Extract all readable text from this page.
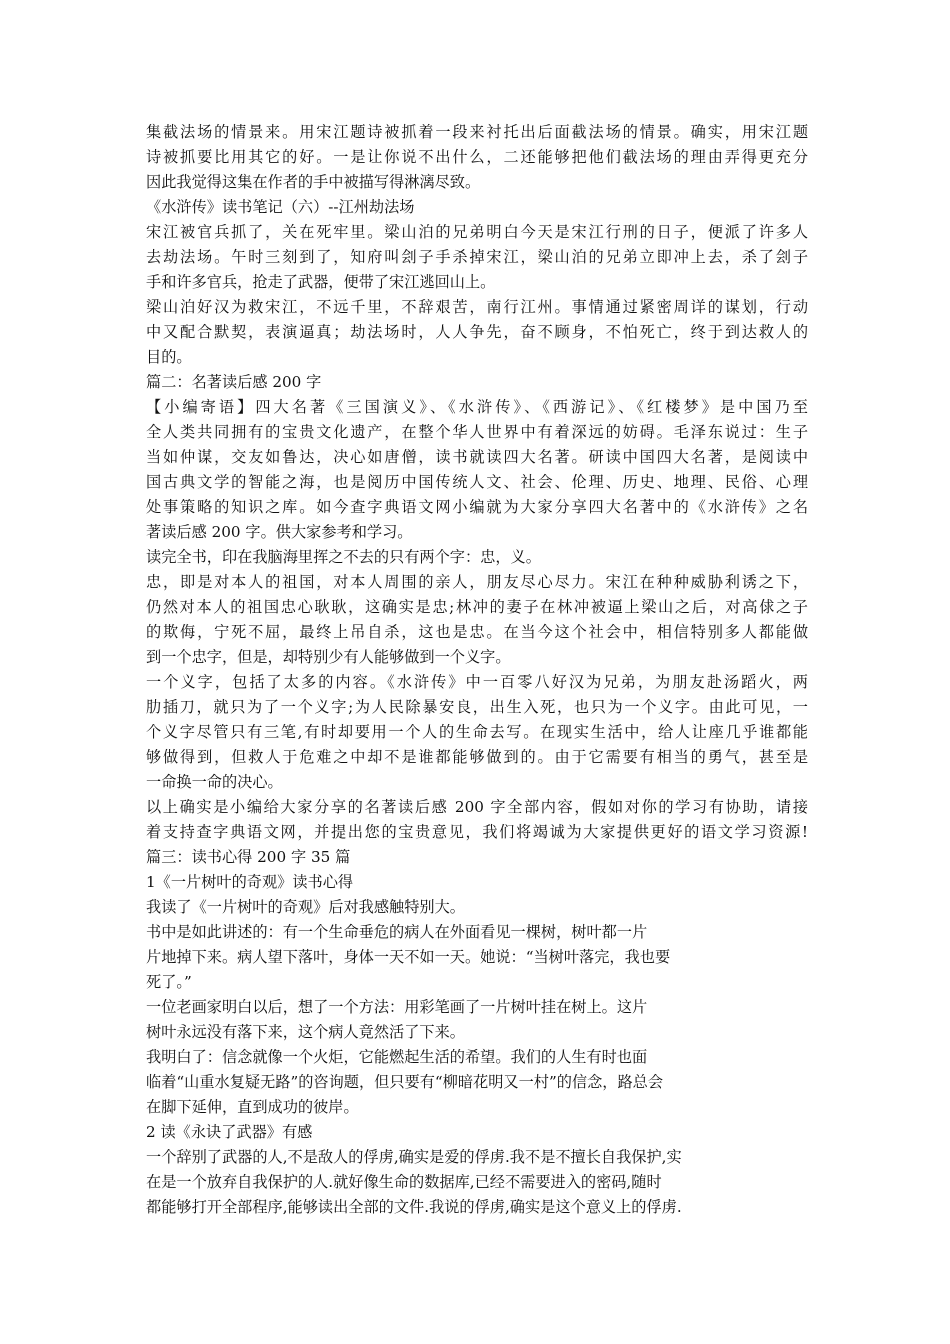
集截法场的情景来。用宋江题诗被抓着一段来衬托出后面截法场的情景。确实，用宋江题
诗被抓要比用其它的好。一是让你说不出什么，二还能够把他们截法场的理由弄得更充分
因此我觉得这集在作者的手中被描写得淋漓尽致。
《水浒传》读书笔记（六）--江州劫法场
宋江被官兵抓了，关在死牢里。梁山泊的兄弟明白今天是宋江行刑的日子，便派了许多人
去劫法场。午时三刻到了，知府叫刽子手杀掉宋江，梁山泊的兄弟立即冲上去，杀了刽子
手和许多官兵，抢走了武器，便带了宋江逃回山上。
梁山泊好汉为救宋江，不远千里，不辞艰苦，南行江州。事情通过紧密周详的谋划，行动
中又配合默契，表演逼真；劫法场时，人人争先，奋不顾身，不怕死亡，终于到达救人的
目的。
篇二：名著读后感 200 字
【小编寄语】四大名著《三国演义》、《水浒传》、《西游记》、《红楼梦》是中国乃至
全人类共同拥有的宝贵文化遗产，在整个华人世界中有着深远的妨碍。毛泽东说过：生子
当如仲谋，交友如鲁达，决心如唐僧，读书就读四大名著。研读中国四大名著，是阅读中
国古典文学的智能之海，也是阅历中国传统人文、社会、伦理、历史、地理、民俗、心理
处事策略的知识之库。如今查字典语文网小编就为大家分享四大名著中的《水浒传》之名
著读后感 200 字。供大家参考和学习。
读完全书，印在我脑海里挥之不去的只有两个字：忠，义。
忠，即是对本人的祖国，对本人周围的亲人，朋友尽心尽力。宋江在种种威胁利诱之下，
仍然对本人的祖国忠心耿耿，这确实是忠;林冲的妻子在林冲被逼上梁山之后，对高俅之子
的欺侮，宁死不屈，最终上吊自杀，这也是忠。在当今这个社会中，相信特别多人都能做
到一个忠字，但是，却特别少有人能够做到一个义字。
一个义字，包括了太多的内容。《水浒传》中一百零八好汉为兄弟，为朋友赴汤蹈火，两
肋插刀，就只为了一个义字;为人民除暴安良，出生入死，也只为一个义字。由此可见，一
个义字尽管只有三笔,有时却要用一个人的生命去写。在现实生活中，给人让座几乎谁都能
够做得到，但救人于危难之中却不是谁都能够做到的。由于它需要有相当的勇气，甚至是
一命换一命的决心。
以上确实是小编给大家分享的名著读后感 200 字全部内容，假如对你的学习有协助，请接
着支持查字典语文网，并提出您的宝贵意见，我们将竭诚为大家提供更好的语文学习资源!
篇三：读书心得 200 字 35 篇
1《一片树叶的奇观》读书心得
我读了《一片树叶的奇观》后对我感触特别大。
书中是如此讲述的：有一个生命垂危的病人在外面看见一棵树，树叶都一片
片地掉下来。病人望下落叶，身体一天不如一天。她说：“当树叶落完，我也要
死了。”
一位老画家明白以后，想了一个方法：用彩笔画了一片树叶挂在树上。这片
树叶永远没有落下来，这个病人竟然活了下来。
我明白了：信念就像一个火炬，它能燃起生活的希望。我们的人生有时也面
临着“山重水复疑无路”的咨询题，但只要有“柳暗花明又一村”的信念，路总会
在脚下延伸，直到成功的彼岸。
2 读《永诀了武器》有感
一个辞别了武器的人,不是敌人的俘虏,确实是爱的俘虏.我不是不擅长自我保护,实
在是一个放弃自我保护的人.就好像生命的数据库,已经不需要进入的密码,随时
都能够打开全部程序,能够读出全部的文件.我说的俘虏,确实是这个意义上的俘虏.
